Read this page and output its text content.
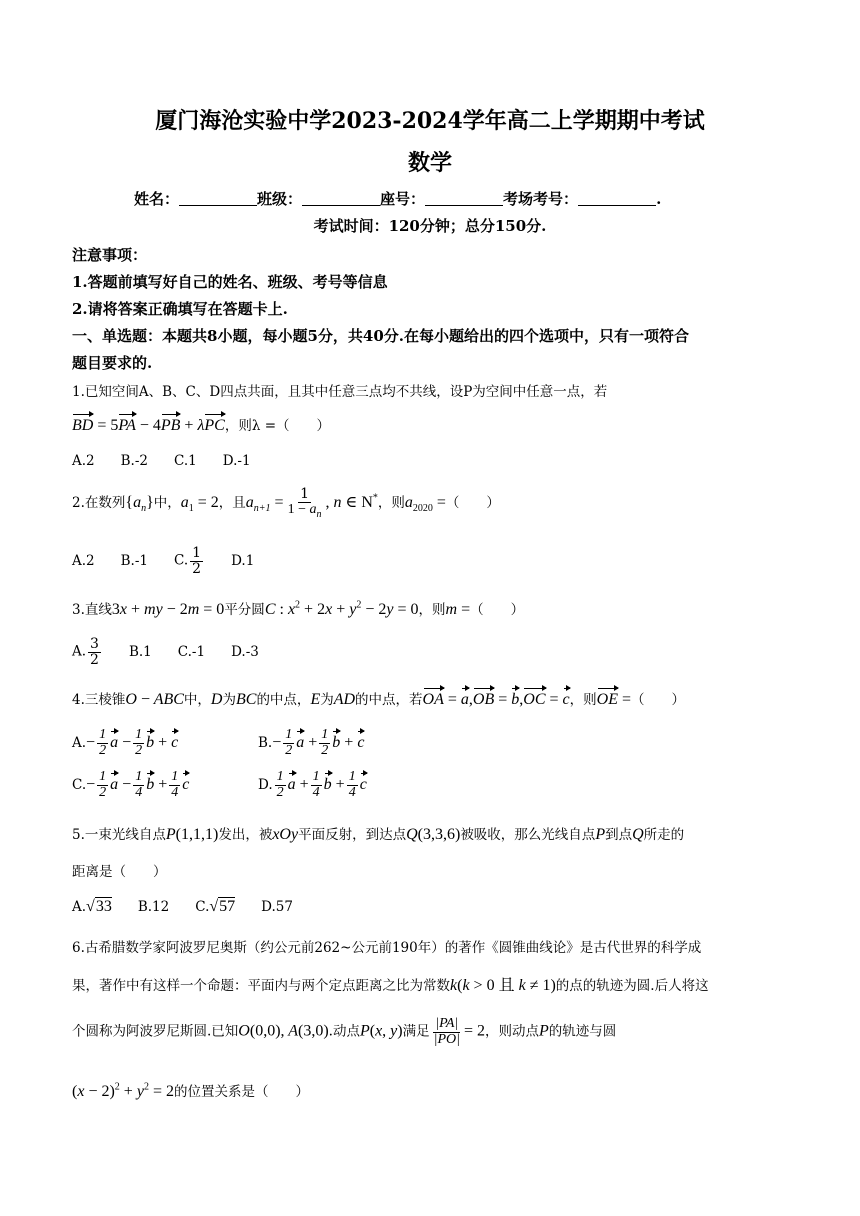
厦门海沧实验中学2023-2024学年高二上学期期中考试
数学
姓名：	班级：	座号：	考场考号：	.
考试时间：120分钟；总分150分.
注意事项：
1.答题前填写好自己的姓名、班级、考号等信息
2.请将答案正确填写在答题卡上.
一、单选题：本题共8小题，每小题5分，共40分.在每小题给出的四个选项中，只有一项符合
题目要求的.
1.已知空间A、B、C、D四点共面，且其中任意三点均不共线，设P为空间中任意一点，若
BD = 5PA − 4PB + λPC，则λ =（　　）
A.2 B.-2 C.1 D.-1
2.在数列$\{a_n\}$中，$a_1 = 2$，且$a_{n+1} = \frac{1}{1 - a_n}$ , n ∈ N*，则$a_{2020}$ =（　　）
A.2 B.-1 C. $\frac{1}{2} D.1$
3.直线3x + my − 2m = 0平分圆C : $x^2 + 2x + y^2 - 2y = 0$，则m =（　　）
A. $\frac{3}{2} B.1$ C.-1 D.-3
4.三棱锥O − ABC中，D为BC的中点，E为AD的中点，若OA = a,OB = b,OC = c，则OE =（　　）
$A.- \frac{1}{2}$ $a - \frac{1}{2}$ b + c	$B.- \frac{1}{2}$ $a + \frac{1}{2}$ b + c
$C.- \frac{1}{2}$ $a - \frac{1}{4}$ $b + \frac{1}{4}$ c	D. $\frac{1}{2}$ $a + \frac{1}{4}$ $b + \frac{1}{4}$ c
5.一束光线自点P(1,1,1)发出，被xOy平面反射，到达点Q(3,3,6)被吸收，那么光线自点P到点Q所走的
距离是（　　）
A.√33 B.12 C.√57 D.57
6.古希腊数学家阿波罗尼奥斯（约公元前262~公元前190年）的著作《圆锥曲线论》是古代世界的科学成
果，著作中有这样一个命题：平面内与两个定点距离之比为常数k(k > 0 且 k ≠ 1)的点的轨迹为圆.后人将这
个圆称为阿波罗尼斯圆.已知O(0,0), A(3,0).动点P(x, y)满足 $\frac{|PA|}{|PO|} = 2$，则动点P的轨迹与圆
$(x - 2)^2 + y^2 = 2$的位置关系是（　　）
